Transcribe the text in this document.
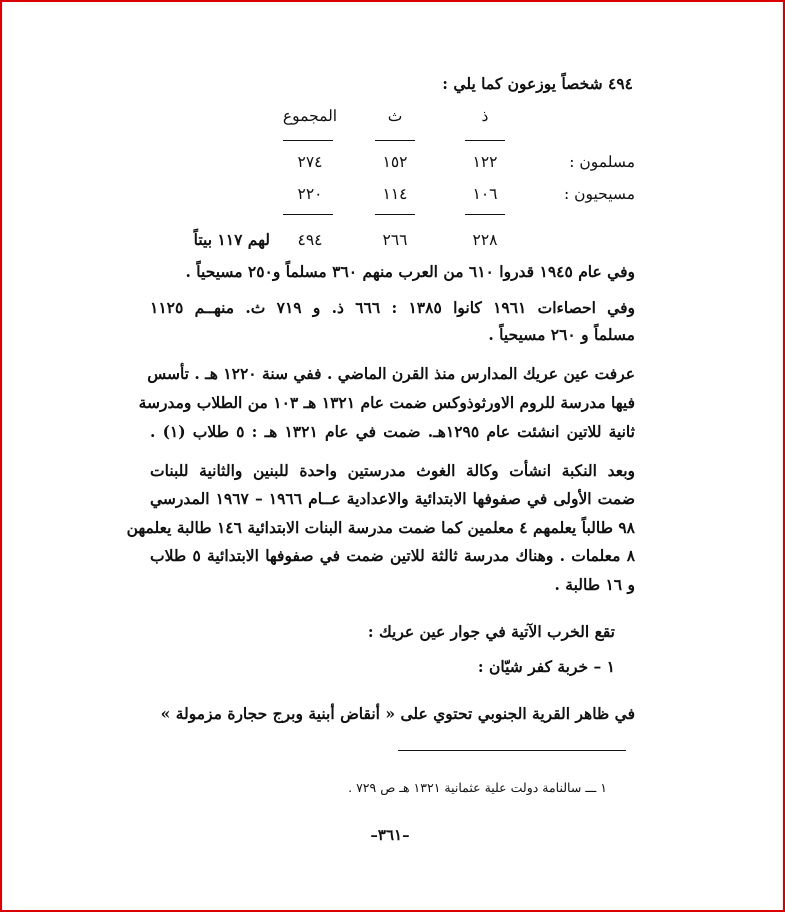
٤٩٤ شخصاً يوزعون كما يلي :
ذ
ث
المجموع
مسلمون :
١٢٢
١٥٢
٢٧٤
مسيحيون :
١٠٦
١١٤
٢٢٠
٢٢٨
٢٦٦
٤٩٤
لهم ١١٧ بيتاً
وفي عام ١٩٤٥ قدروا ٦١٠ من العرب منهم ٣٦٠ مسلماً و٢٥٠ مسيحياً .
وفي احصاءات ١٩٦١ كانوا ١٣٨٥ : ٦٦٦ ذ. و ٧١٩ ث. منهــم ١١٢٥
مسلماً و ٢٦٠ مسيحياً .
عرفت عين عريك المدارس منذ القرن الماضي . ففي سنة ١٢٢٠ هـ . تأسس
فيها مدرسة للروم الاورثوذوكس ضمت عام ١٣٢١ هـ ١٠٣ من الطلاب ومدرسة
ثانية للاتين انشئت عام ١٢٩٥هـ. ضمت في عام ١٣٢١ هـ : ٥ طلاب (١) .
وبعد النكبة انشأت وكالة الغوث مدرستين واحدة للبنين والثانية للبنات
ضمت الأولى في صفوفها الابتدائية والاعدادية عــام ١٩٦٦ – ١٩٦٧ المدرسي
٩٨ طالباً يعلمهم ٤ معلمين كما ضمت مدرسة البنات الابتدائية ١٤٦ طالبة يعلمهن
٨ معلمات . وهناك مدرسة ثالثة للاتين ضمت في صفوفها الابتدائية ٥ طلاب
و ١٦ طالبة .
تقع الخرب الآتية في جوار عين عريك :
١ – خربة كفر شيّان :
في ظاهر القرية الجنوبي تحتوي على « أنقاض أبنية وبرج حجارة مزمولة »
١ ـــ سالنامة دولت علية عثمانية ١٣٢١ هـ ص ٧٢٩ .
–٣٦١–
